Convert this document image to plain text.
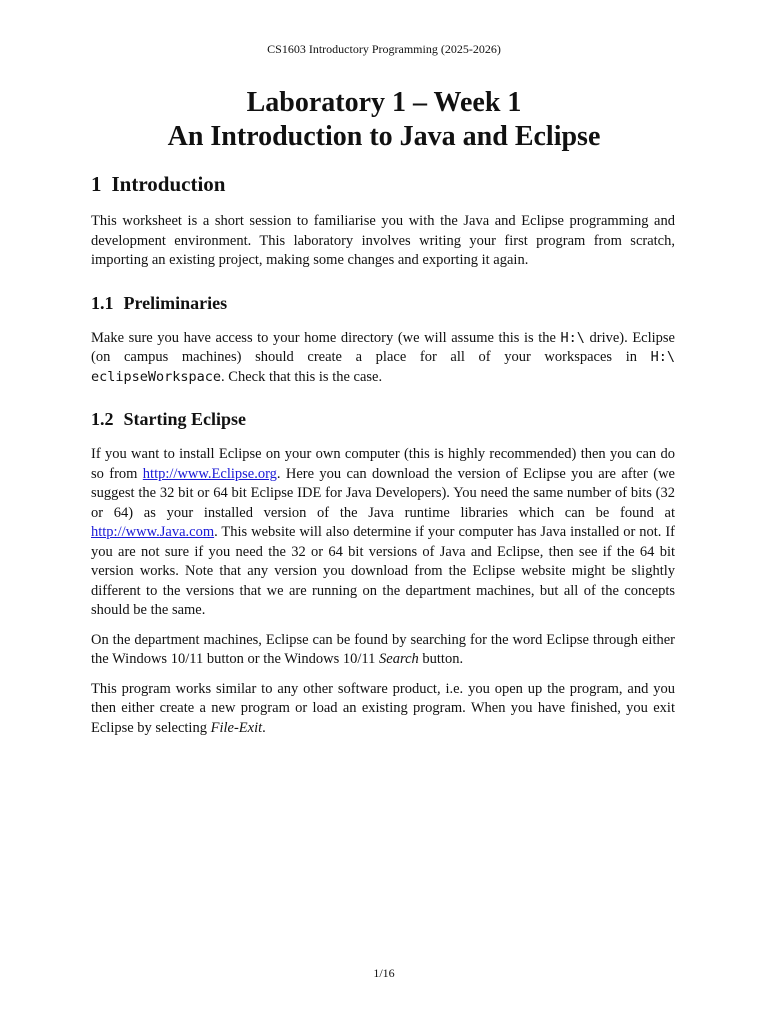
CS1603 Introductory Programming (2025-2026)
Laboratory 1 – Week 1
An Introduction to Java and Eclipse
1 Introduction

This worksheet is a short session to familiarise you with the Java and Eclipse programming and development environment. This laboratory involves writing your first program from scratch, importing an existing project, making some changes and exporting it again.

1.1 Preliminaries

Make sure you have access to your home directory (we will assume this is the H:\ drive). Eclipse (on campus machines) should create a place for all of your workspaces in H:\ eclipseWorkspace. Check that this is the case.

1.2 Starting Eclipse

If you want to install Eclipse on your own computer (this is highly recommended) then you can do so from http://www.Eclipse.org. Here you can download the version of Eclipse you are after (we suggest the 32 bit or 64 bit Eclipse IDE for Java Developers). You need the same number of bits (32 or 64) as your installed version of the Java runtime libraries which can be found at http://www.Java.com. This website will also determine if your computer has Java installed or not. If you are not sure if you need the 32 or 64 bit versions of Java and Eclipse, then see if the 64 bit version works. Note that any version you download from the Eclipse website might be slightly different to the versions that we are running on the department machines, but all of the concepts should be the same.

On the department machines, Eclipse can be found by searching for the word Eclipse through either the Windows 10/11 button or the Windows 10/11 Search button.

This program works similar to any other software product, i.e. you open up the program, and you then either create a new program or load an existing program. When you have finished, you exit Eclipse by selecting File-Exit.

1/16
